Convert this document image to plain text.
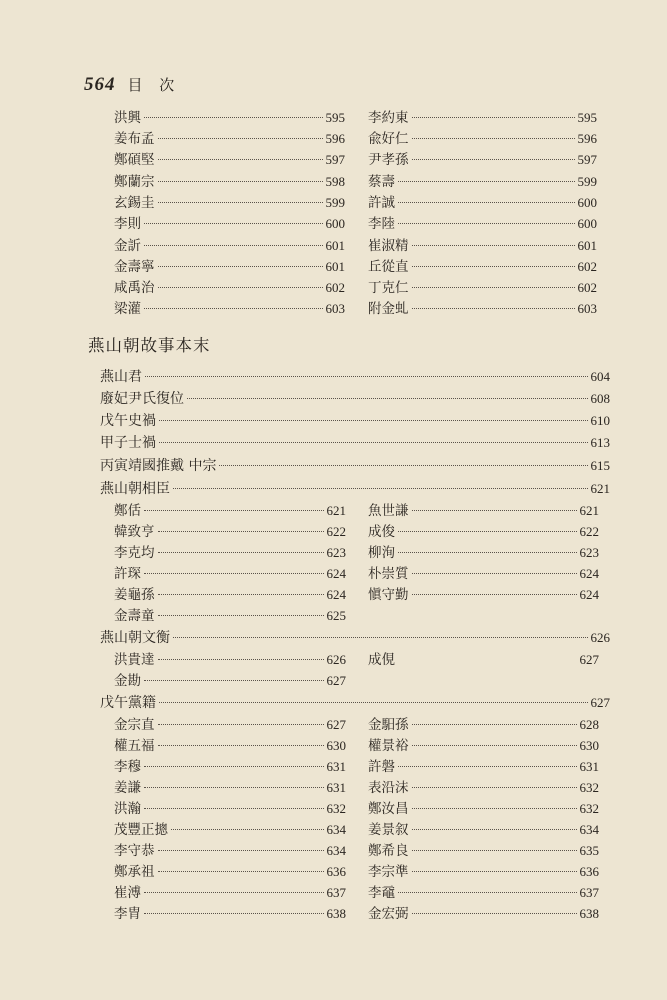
564 目 次
洪興	595
姜布孟	596
鄭碩堅	597
鄭蘭宗	598
玄錫圭	599
李則	600
金訢	601
金壽寧	601
咸禹治	602
梁灌	603
李約東	595
兪好仁	596
尹孝孫	597
蔡壽	599
許誠	600
李陸	600
崔淑精	601
丘從直	602
丁克仁	602
附金虬	603
燕山朝故事本末
燕山君	604
廢妃尹氏復位	608
戊午史禍	610
甲子士禍	613
丙寅靖國推戴 中宗	615
燕山朝相臣	621
鄭佸	621
韓致亨	622
李克均	623
許琛	624
姜龜孫	624
金壽童	625
魚世謙	621
成俊	622
柳洵	623
朴崇質	624
愼守勤	624
燕山朝文衡	626
洪貴達	626
金勘	627
成俔	627
戊午黨籍	627
金宗直	627
權五福	630
李穆	631
姜謙	631
洪瀚	632
茂豐正摠	634
李守恭	634
鄭承祖	636
崔溥	637
李胄	638
金馹孫	628
權景裕	630
許磐	631
表沿沫	632
鄭汝昌	632
姜景叙	634
鄭希良	635
李宗準	636
李黿	637
金宏弼	638
